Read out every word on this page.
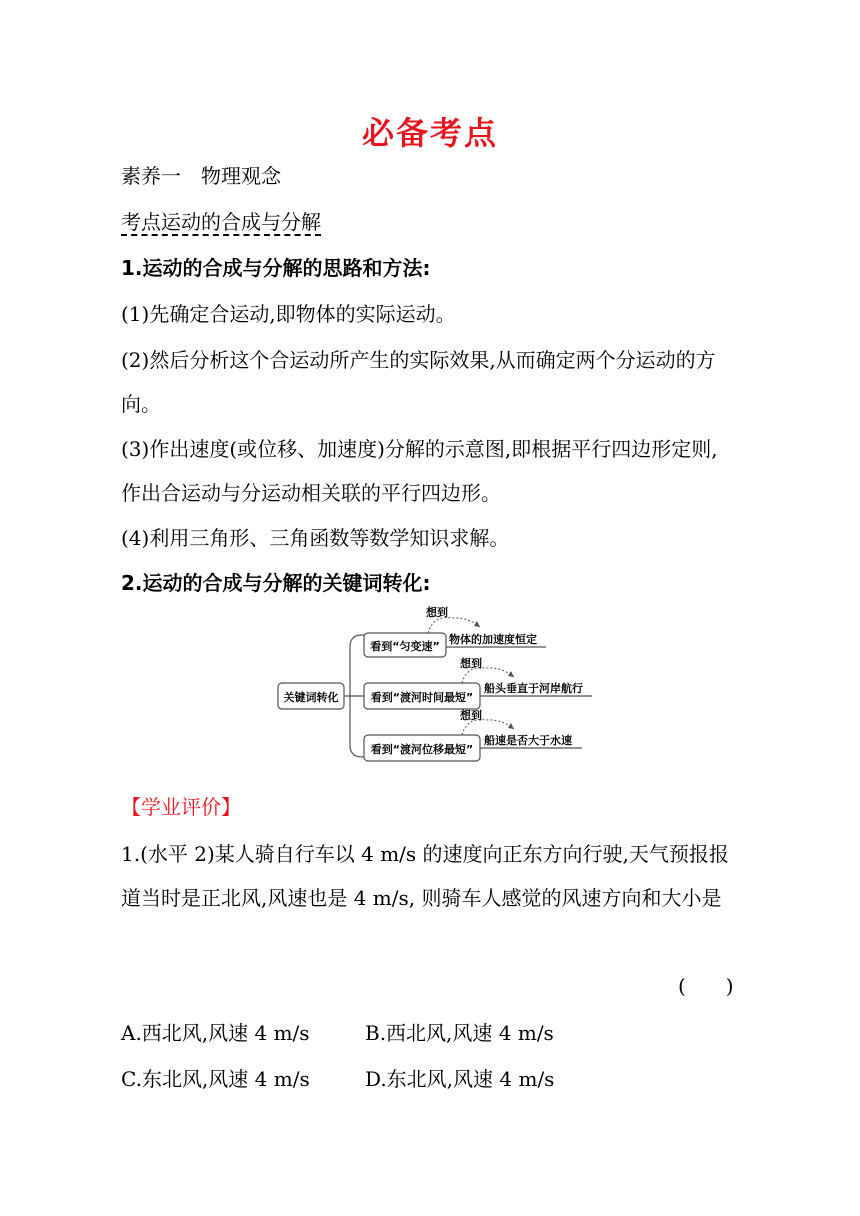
必备考点
素养一　物理观念
考点运动的合成与分解
1.运动的合成与分解的思路和方法:
(1)先确定合运动,即物体的实际运动。
(2)然后分析这个合运动所产生的实际效果,从而确定两个分运动的方
向。
(3)作出速度(或位移、加速度)分解的示意图,即根据平行四边形定则,
作出合运动与分运动相关联的平行四边形。
(4)利用三角形、三角函数等数学知识求解。
2.运动的合成与分解的关键词转化:
关键词转化
看到“匀变速”
想到
物体的加速度恒定
看到“渡河时间最短”
想到
船头垂直于河岸航行
看到“渡河位移最短”
想到
船速是否大于水速
【学业评价】
1.(水平 2)某人骑自行车以 4 m/s 的速度向正东方向行驶,天气预报报
道当时是正北风,风速也是 4 m/s, 则骑车人感觉的风速方向和大小是
(　　)
A.西北风,风速 4 m/s	B.西北风,风速 4 m/s
C.东北风,风速 4 m/s	D.东北风,风速 4 m/s
